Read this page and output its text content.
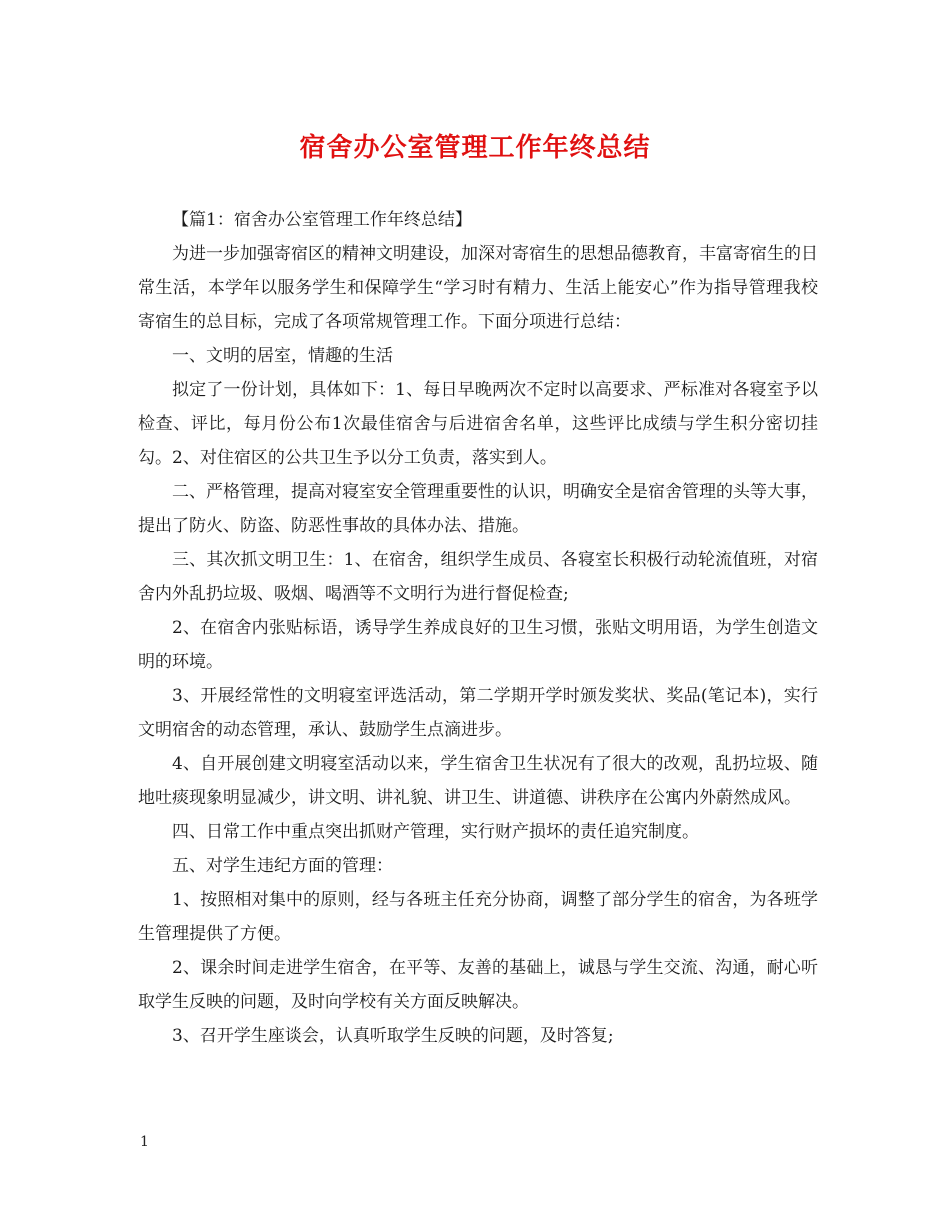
宿舍办公室管理工作年终总结

【篇1：宿舍办公室管理工作年终总结】

为进一步加强寄宿区的精神文明建设，加深对寄宿生的思想品德教育，丰富寄宿生的日常生活，本学年以服务学生和保障学生“学习时有精力、生活上能安心”作为指导管理我校寄宿生的总目标，完成了各项常规管理工作。下面分项进行总结：

一、文明的居室，情趣的生活

拟定了一份计划，具体如下：1、每日早晚两次不定时以高要求、严标准对各寝室予以检查、评比，每月份公布1次最佳宿舍与后进宿舍名单，这些评比成绩与学生积分密切挂勾。2、对住宿区的公共卫生予以分工负责，落实到人。

二、严格管理，提高对寝室安全管理重要性的认识，明确安全是宿舍管理的头等大事，提出了防火、防盗、防恶性事故的具体办法、措施。

三、其次抓文明卫生：1、在宿舍，组织学生成员、各寝室长积极行动轮流值班，对宿舍内外乱扔垃圾、吸烟、喝酒等不文明行为进行督促检查;

2、在宿舍内张贴标语，诱导学生养成良好的卫生习惯，张贴文明用语，为学生创造文明的环境。

3、开展经常性的文明寝室评选活动，第二学期开学时颁发奖状、奖品(笔记本)，实行文明宿舍的动态管理，承认、鼓励学生点滴进步。

4、自开展创建文明寝室活动以来，学生宿舍卫生状况有了很大的改观，乱扔垃圾、随地吐痰现象明显减少，讲文明、讲礼貌、讲卫生、讲道德、讲秩序在公寓内外蔚然成风。

四、日常工作中重点突出抓财产管理，实行财产损坏的责任追究制度。

五、对学生违纪方面的管理：

1、按照相对集中的原则，经与各班主任充分协商，调整了部分学生的宿舍，为各班学生管理提供了方便。

2、课余时间走进学生宿舍，在平等、友善的基础上，诚恳与学生交流、沟通，耐心听取学生反映的问题，及时向学校有关方面反映解决。

3、召开学生座谈会，认真听取学生反映的问题，及时答复;

1
